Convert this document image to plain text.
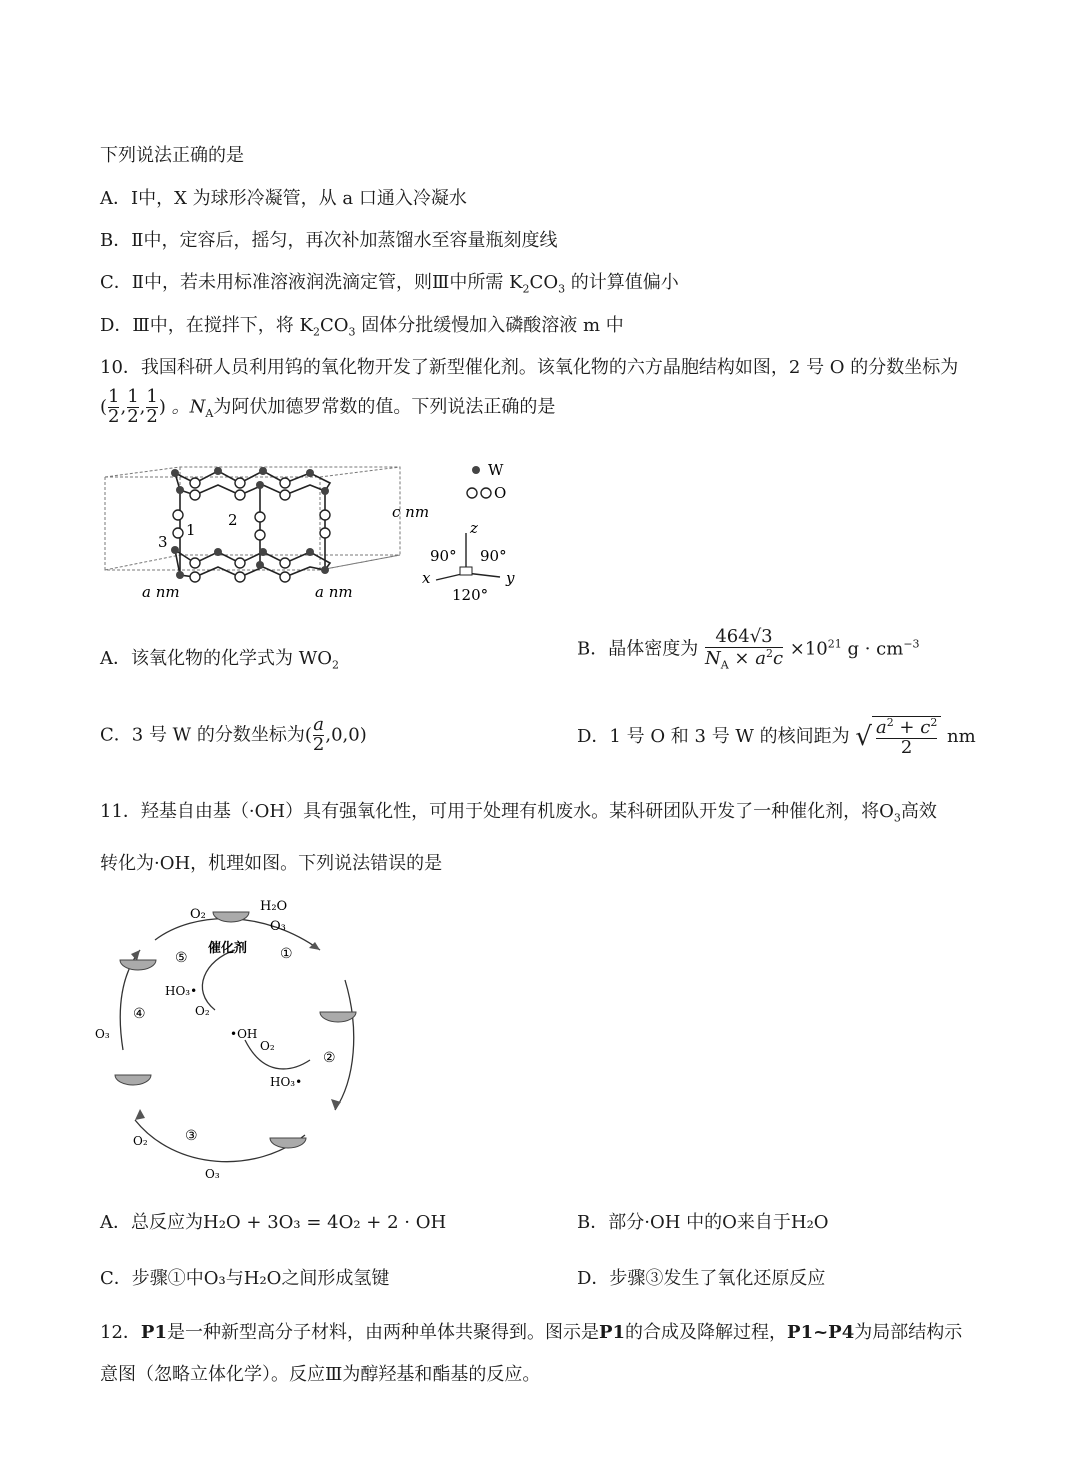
下列说法正确的是
A．Ⅰ中，X 为球形冷凝管，从 a 口通入冷凝水
B．Ⅱ中，定容后，摇匀，再次补加蒸馏水至容量瓶刻度线
C．Ⅱ中，若未用标准溶液润洗滴定管，则Ⅲ中所需 $K_2CO_3$ 的计算值偏小
D．Ⅲ中，在搅拌下，将 $K_2CO_3$ 固体分批缓慢加入磷酸溶液 m 中
10．我国科研人员利用钨的氧化物开发了新型催化剂。该氧化物的六方晶胞结构如图，2 号 O 的分数坐标为
( $\frac{1}{2}$ , $\frac{1}{2}$ , $\frac{1}{2}$ ) 。$N_A$为阿伏加德罗常数的值。下列说法正确的是
1
2
3
a nm	a nm
c nm
W
O
z
x	y
90° 90°
120°
A．该氧化物的化学式为 $WO_2$
B．晶体密度为 $\frac{464√3}{N_A \times a^2c} \times 10^{21}$ $g \cdot cm^{-3}$
C．3 号 W 的分数坐标为( $\frac{a}{2} ,0,0$)	D．1 号 O 和 3 号 W 的核间距为 √ $\frac{a^2 + c^2}{2}$ nm
11．羟基自由基（·OH）具有强氧化性，可用于处理有机废水。某科研团队开发了一种催化剂，将$O_3$高效
转化为·OH，机理如图。下列说法错误的是
催化剂
⑤	①
②
③
④
H₂O
O₃
O₂
HO₃•
O₂
•OH
O₂
HO₃•
O₃
O₂
O₃
A．总反应为H₂O + 3O₃ = 4O₂ + 2 · OH	B．部分·OH 中的O来自于H₂O
C．步骤①中O₃与H₂O之间形成氢键	D．步骤③发生了氧化还原反应
12．P1是一种新型高分子材料，由两种单体共聚得到。图示是P1的合成及降解过程，P1~P4为局部结构示
意图（忽略立体化学）。反应Ⅲ为醇羟基和酯基的反应。
